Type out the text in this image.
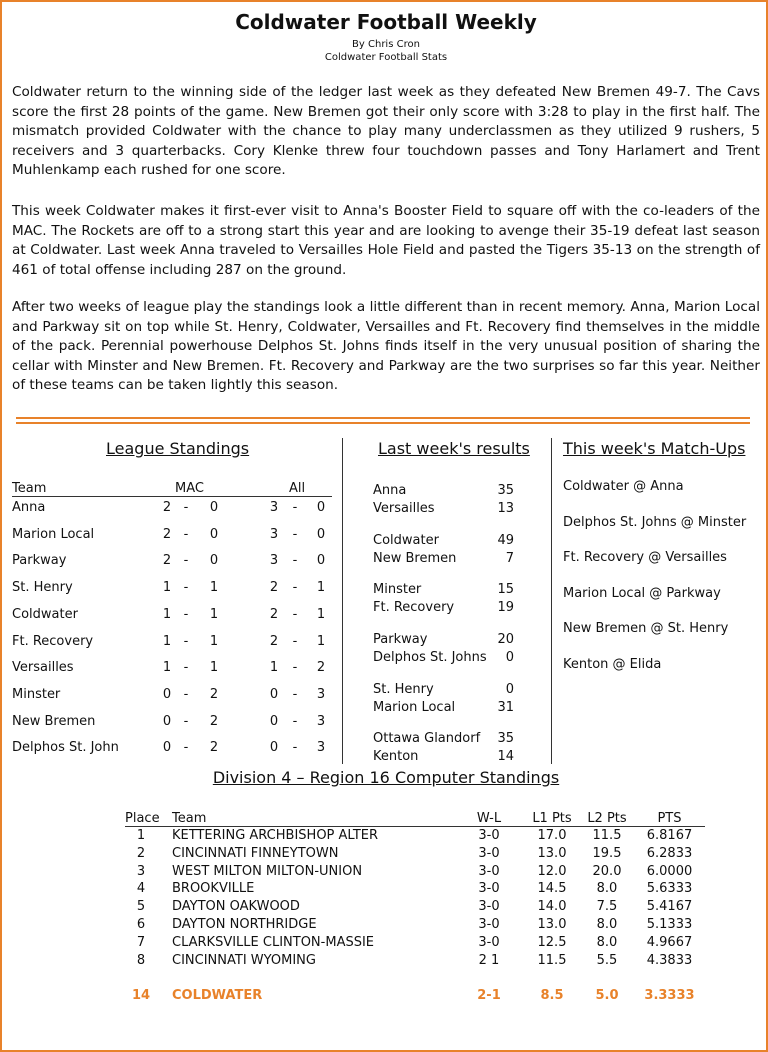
Coldwater Football Weekly
By Chris Cron
Coldwater Football Stats

Coldwater return to the winning side of the ledger last week as they defeated New Bremen 49-7. The Cavs score the first 28 points of the game. New Bremen got their only score with 3:28 to play in the first half. The mismatch provided Coldwater with the chance to play many underclassmen as they utilized 9 rushers, 5 receivers and 3 quarterbacks. Cory Klenke threw four touchdown passes and Tony Harlamert and Trent Muhlenkamp each rushed for one score.

This week Coldwater makes it first-ever visit to Anna's Booster Field to square off with the co-leaders of the MAC. The Rockets are off to a strong start this year and are looking to avenge their 35-19 defeat last season at Coldwater. Last week Anna traveled to Versailles Hole Field and pasted the Tigers 35-13 on the strength of 461 of total offense including 287 on the ground.

After two weeks of league play the standings look a little different than in recent memory. Anna, Marion Local and Parkway sit on top while St. Henry, Coldwater, Versailles and Ft. Recovery find themselves in the middle of the pack. Perennial powerhouse Delphos St. Johns finds itself in the very unusual position of sharing the cellar with Minster and New Bremen. Ft. Recovery and Parkway are the two surprises so far this year. Neither of these teams can be taken lightly this season.

League Standings
Team	MAC	All
Anna	2 -	0	3	-	0
Marion Local	2 -	0	3	-	0
Parkway	2 -	0	3	-	0
St. Henry	1 -	1	2	-	1
Coldwater	1 -	1	2	-	1
Ft. Recovery	1 -	1	2	-	1
Versailles	1 -	1	1	-	2
Minster	0 -	2	0	-	3
New Bremen	0 -	2	0	-	3
Delphos St. John	0 -	2	0	-	3
Last week's results
Anna	35
Versailles	13
Coldwater	49
New Bremen	7
Minster	15
Ft. Recovery	19
Parkway	20
Delphos St. Johns	0
St. Henry	0
Marion Local	31
Ottawa Glandorf	35
Kenton	14
This week's Match-Ups
Coldwater @ Anna
Delphos St. Johns @ Minster
Ft. Recovery @ Versailles
Marion Local @ Parkway
New Bremen @ St. Henry
Kenton @ Elida
Division 4 – Region 16 Computer Standings
Place Team	W-L	L1 Pts	L2 Pts	PTS
1	KETTERING ARCHBISHOP ALTER	3-0	17.0	11.5	6.8167
2	CINCINNATI FINNEYTOWN	3-0	13.0	19.5	6.2833
3	WEST MILTON MILTON-UNION	3-0	12.0	20.0	6.0000
4	BROOKVILLE	3-0	14.5	8.0	5.6333
5	DAYTON OAKWOOD	3-0	14.0	7.5	5.4167
6	DAYTON NORTHRIDGE	3-0	13.0	8.0	5.1333
7	CLARKSVILLE CLINTON-MASSIE	3-0	12.5	8.0	4.9667
8	CINCINNATI WYOMING	2 1	11.5	5.5	4.3833
14	COLDWATER	2-1	8.5	5.0	3.3333
